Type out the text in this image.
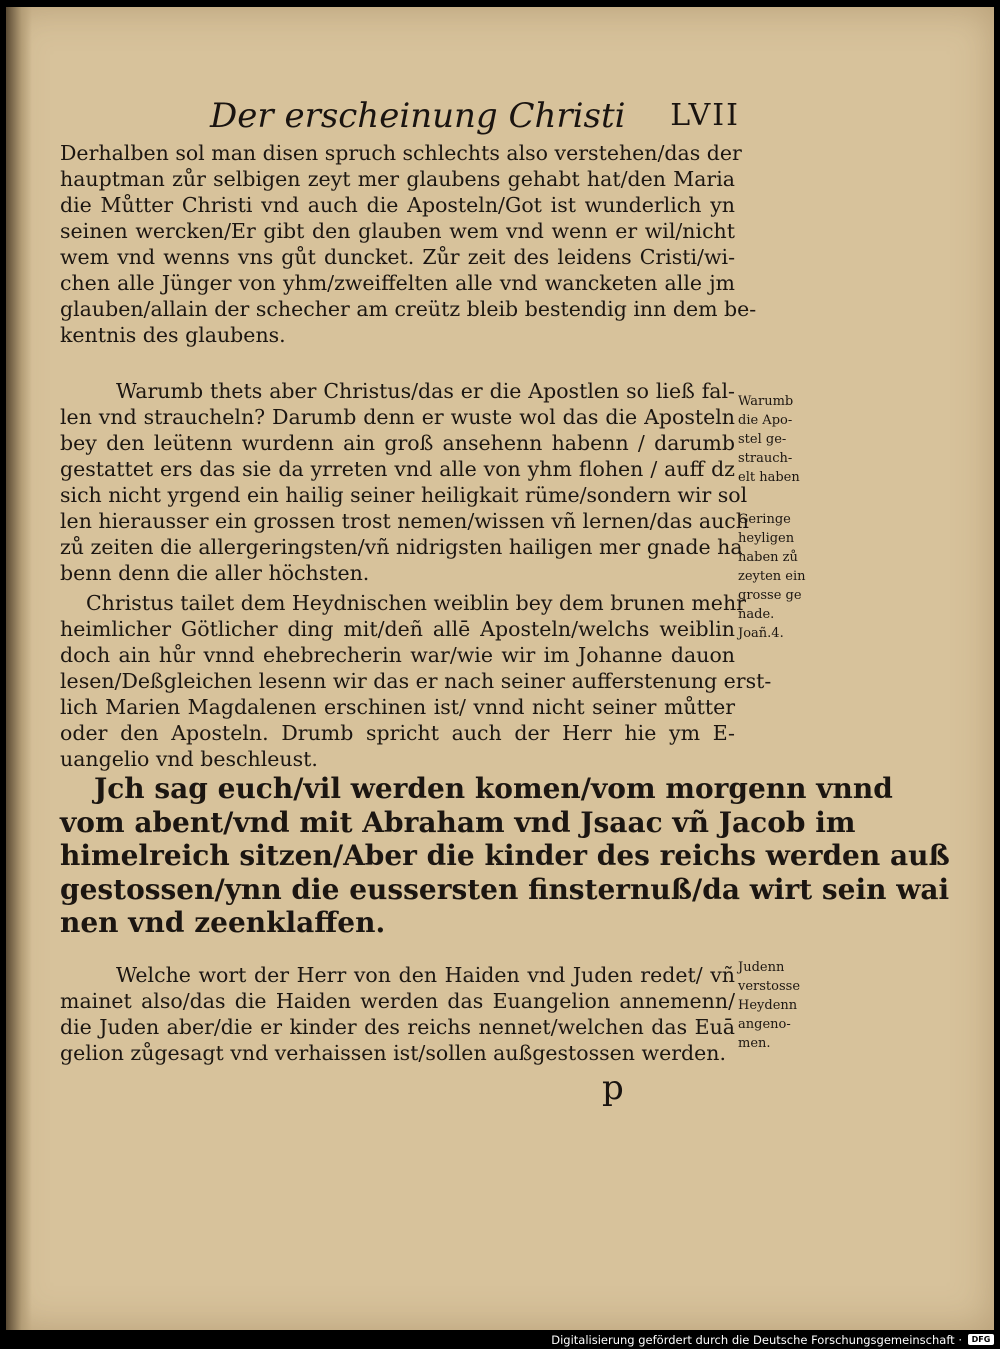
Der erscheinung Christi LVII
Derhalben sol man disen spruch schlechts also verstehen/das der
hauptman zůr selbigen zeyt mer glaubens gehabt hat/den Maria
die Můtter Christi vnd auch die Aposteln/Got ist wunderlich yn
seinen wercken/Er gibt den glauben wem vnd wenn er wil/nicht
wem vnd wenns vns gůt duncket. Zůr zeit des leidens Cristi/wi-
chen alle Jünger von yhm/zweiffelten alle vnd wancketen alle jm
glauben/allain der schecher am creütz bleib bestendig inn dem be-
kentnis des glaubens.
Warumb thets aber Christus/das er die Apostlen so ließ fal-
len vnd straucheln? Darumb denn er wuste wol das die Aposteln
bey den leütenn wurdenn ain groß ansehenn habenn / darumb
gestattet ers das sie da yrreten vnd alle von yhm flohen / auff dz
sich nicht yrgend ein hailig seiner heiligkait rüme/sondern wir sol
len hierausser ein grossen trost nemen/wissen vñ lernen/das auch
zů zeiten die allergeringsten/vñ nidrigsten hailigen mer gnade ha
benn denn die aller höchsten.
Christus tailet dem Heydnischen weiblin bey dem brunen mehr
heimlicher Götlicher ding mit/deñ allē Aposteln/welchs weiblin
doch ain hůr vnnd ehebrecherin war/wie wir im Johanne dauon
lesen/Deßgleichen lesenn wir das er nach seiner aufferstenung erst-
lich Marien Magdalenen erschinen ist/ vnnd nicht seiner můtter
oder den Aposteln. Drumb spricht auch der Herr hie ym E-
uangelio vnd beschleust.
Jch sag euch/vil werden komen/vom morgenn vnnd
vom abent/vnd mit Abraham vnd Jsaac vñ Jacob im
himelreich sitzen/Aber die kinder des reichs werden auß
gestossen/ynn die eussersten finsternuß/da wirt sein wai
nen vnd zeenklaffen.
Welche wort der Herr von den Haiden vnd Juden redet/ vñ
mainet also/das die Haiden werden das Euangelion annemenn/
die Juden aber/die er kinder des reichs nennet/welchen das Euā
gelion zůgesagt vnd verhaissen ist/sollen außgestossen werden.
Warumb
die Apo-
stel ge-
strauch-
elt haben
Geringe
heyligen
haben zů
zeyten ein
grosse ge
nade.
Joañ.4.
Judenn
verstosse
Heydenn
angeno-
men.
p
Digitalisierung gefördert durch die Deutsche Forschungsgemeinschaft ·	DFG
